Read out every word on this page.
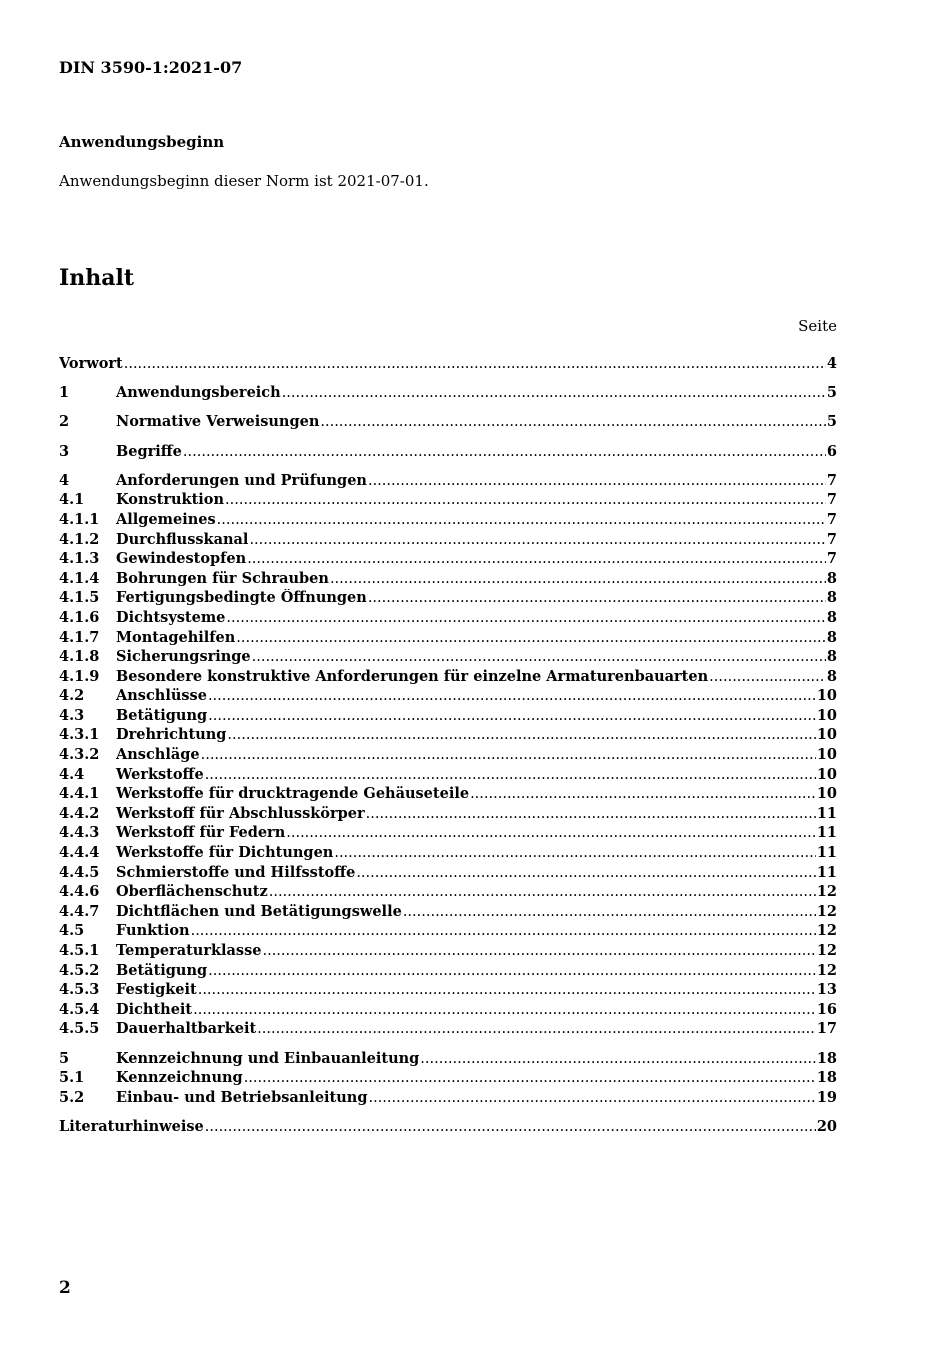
DIN 3590-1:2021-07
Anwendungsbeginn
Anwendungsbeginn dieser Norm ist 2021-07-01.
Inhalt
Seite
Vorwort .....	4
1	Anwendungsbereich .....	5
2	Normative Verweisungen .....	5
3	Begriffe .....	6
4	Anforderungen und Prüfungen .....	7
4.1	Konstruktion .....	7
4.1.1	Allgemeines .....	7
4.1.2	Durchflusskanal .....	7
4.1.3	Gewindestopfen .....	7
4.1.4	Bohrungen für Schrauben .....	8
4.1.5	Fertigungsbedingte Öffnungen .....	8
4.1.6	Dichtsysteme .....	8
4.1.7	Montagehilfen .....	8
4.1.8	Sicherungsringe .....	8
4.1.9	Besondere konstruktive Anforderungen für einzelne Armaturenbauarten .....	8
4.2	Anschlüsse .....	10
4.3	Betätigung .....	10
4.3.1	Drehrichtung .....	10
4.3.2	Anschläge .....	10
4.4	Werkstoffe .....	10
4.4.1	Werkstoffe für drucktragende Gehäuseteile .....	10
4.4.2	Werkstoff für Abschlusskörper .....	11
4.4.3	Werkstoff für Federn .....	11
4.4.4	Werkstoffe für Dichtungen .....	11
4.4.5	Schmierstoffe und Hilfsstoffe .....	11
4.4.6	Oberflächenschutz .....	12
4.4.7	Dichtflächen und Betätigungswelle .....	12
4.5	Funktion .....	12
4.5.1	Temperaturklasse .....	12
4.5.2	Betätigung .....	12
4.5.3	Festigkeit .....	13
4.5.4	Dichtheit .....	16
4.5.5	Dauerhaltbarkeit .....	17
5	Kennzeichnung und Einbauanleitung .....	18
5.1	Kennzeichnung .....	18
5.2	Einbau- und Betriebsanleitung .....	19
Literaturhinweise .....	20
2
